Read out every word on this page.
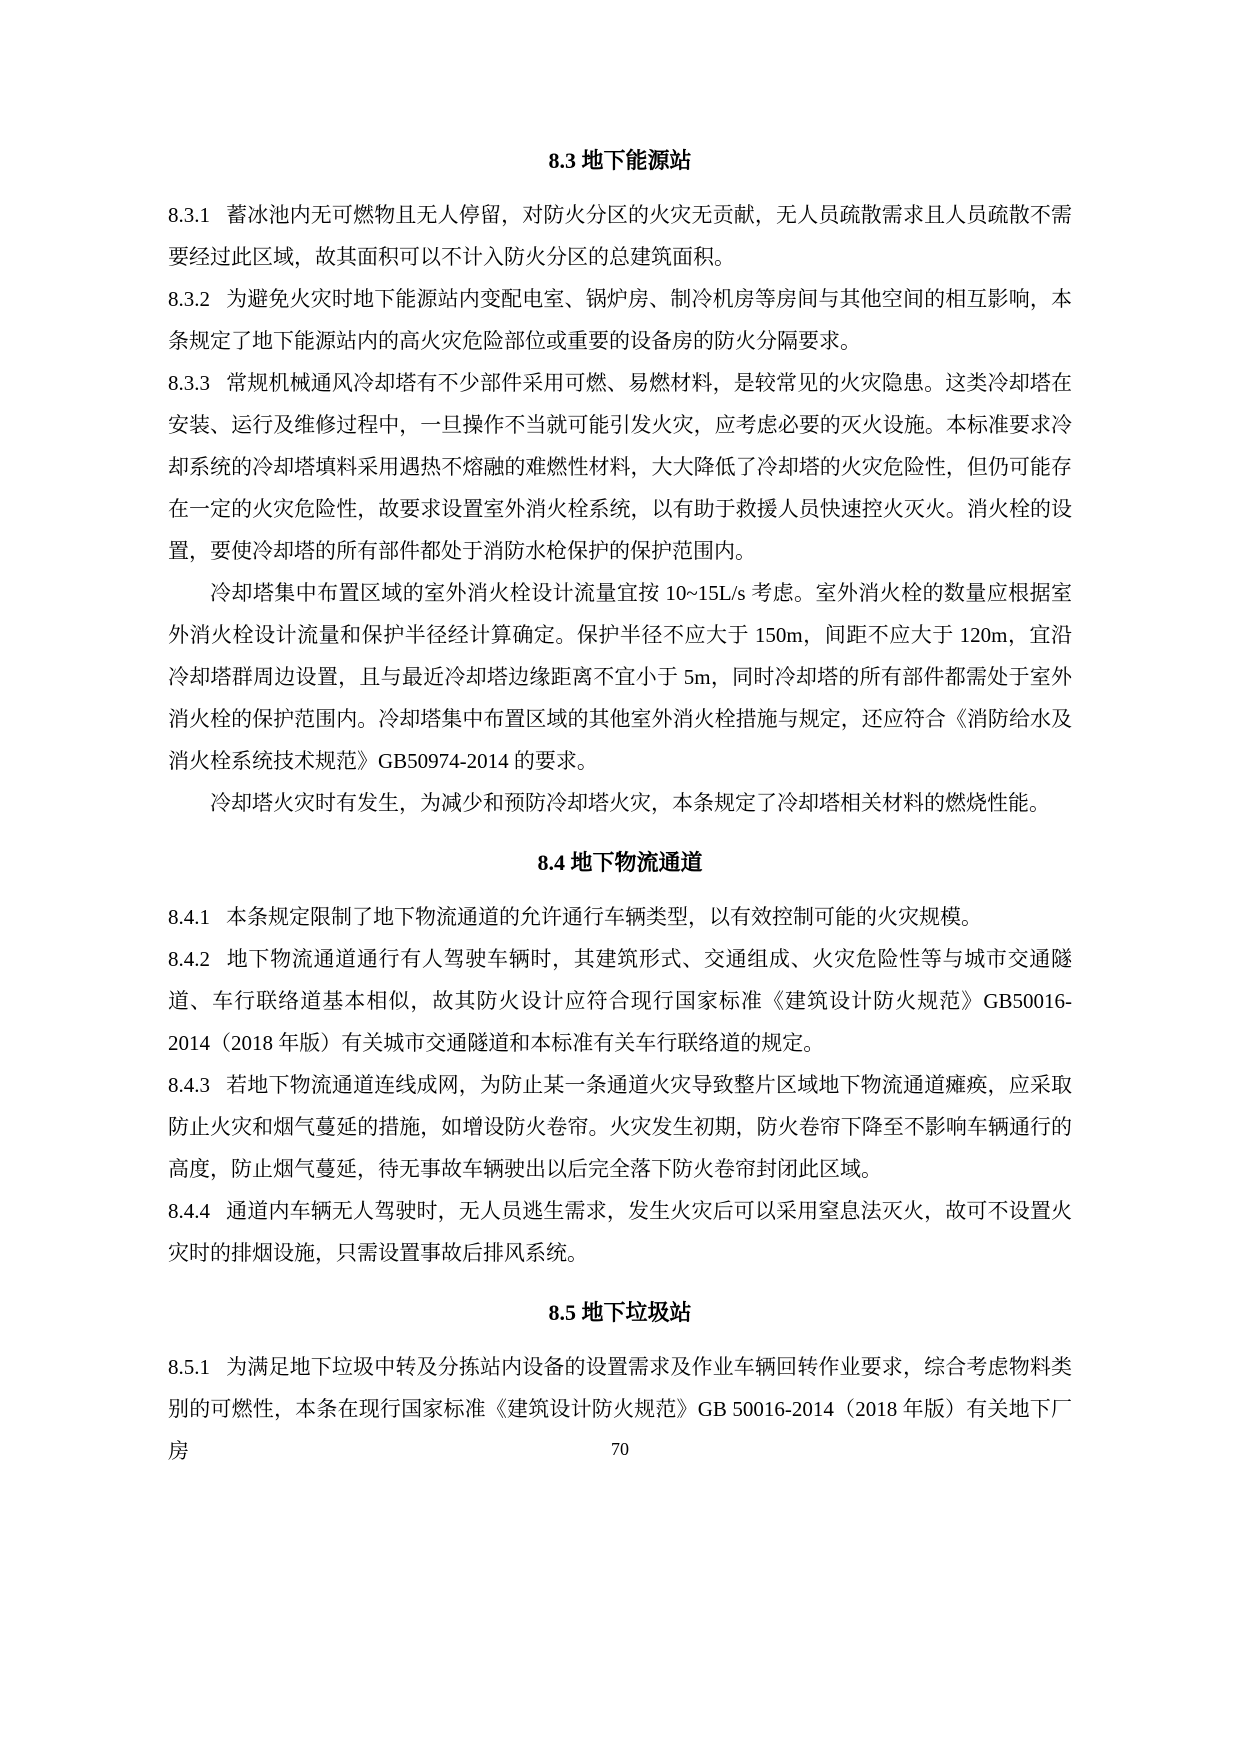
8.3 地下能源站

8.3.1 蓄冰池内无可燃物且无人停留，对防火分区的火灾无贡献，无人员疏散需求且人员疏散不需要经过此区域，故其面积可以不计入防火分区的总建筑面积。

8.3.2 为避免火灾时地下能源站内变配电室、锅炉房、制冷机房等房间与其他空间的相互影响，本条规定了地下能源站内的高火灾危险部位或重要的设备房的防火分隔要求。

8.3.3 常规机械通风冷却塔有不少部件采用可燃、易燃材料，是较常见的火灾隐患。这类冷却塔在安装、运行及维修过程中，一旦操作不当就可能引发火灾，应考虑必要的灭火设施。本标准要求冷却系统的冷却塔填料采用遇热不熔融的难燃性材料，大大降低了冷却塔的火灾危险性，但仍可能存在一定的火灾危险性，故要求设置室外消火栓系统，以有助于救援人员快速控火灭火。消火栓的设置，要使冷却塔的所有部件都处于消防水枪保护的保护范围内。

冷却塔集中布置区域的室外消火栓设计流量宜按 10~15L/s 考虑。室外消火栓的数量应根据室外消火栓设计流量和保护半径经计算确定。保护半径不应大于 150m，间距不应大于 120m，宜沿冷却塔群周边设置，且与最近冷却塔边缘距离不宜小于 5m，同时冷却塔的所有部件都需处于室外消火栓的保护范围内。冷却塔集中布置区域的其他室外消火栓措施与规定，还应符合《消防给水及消火栓系统技术规范》GB50974-2014 的要求。

冷却塔火灾时有发生，为减少和预防冷却塔火灾，本条规定了冷却塔相关材料的燃烧性能。

8.4 地下物流通道

8.4.1 本条规定限制了地下物流通道的允许通行车辆类型，以有效控制可能的火灾规模。

8.4.2 地下物流通道通行有人驾驶车辆时，其建筑形式、交通组成、火灾危险性等与城市交通隧道、车行联络道基本相似，故其防火设计应符合现行国家标准《建筑设计防火规范》GB50016-2014（2018 年版）有关城市交通隧道和本标准有关车行联络道的规定。

8.4.3 若地下物流通道连线成网，为防止某一条通道火灾导致整片区域地下物流通道瘫痪，应采取防止火灾和烟气蔓延的措施，如增设防火卷帘。火灾发生初期，防火卷帘下降至不影响车辆通行的高度，防止烟气蔓延，待无事故车辆驶出以后完全落下防火卷帘封闭此区域。

8.4.4 通道内车辆无人驾驶时，无人员逃生需求，发生火灾后可以采用窒息法灭火，故可不设置火灾时的排烟设施，只需设置事故后排风系统。

8.5 地下垃圾站

8.5.1 为满足地下垃圾中转及分拣站内设备的设置需求及作业车辆回转作业要求，综合考虑物料类别的可燃性，本条在现行国家标准《建筑设计防火规范》GB 50016-2014（2018 年版）有关地下厂房	70
